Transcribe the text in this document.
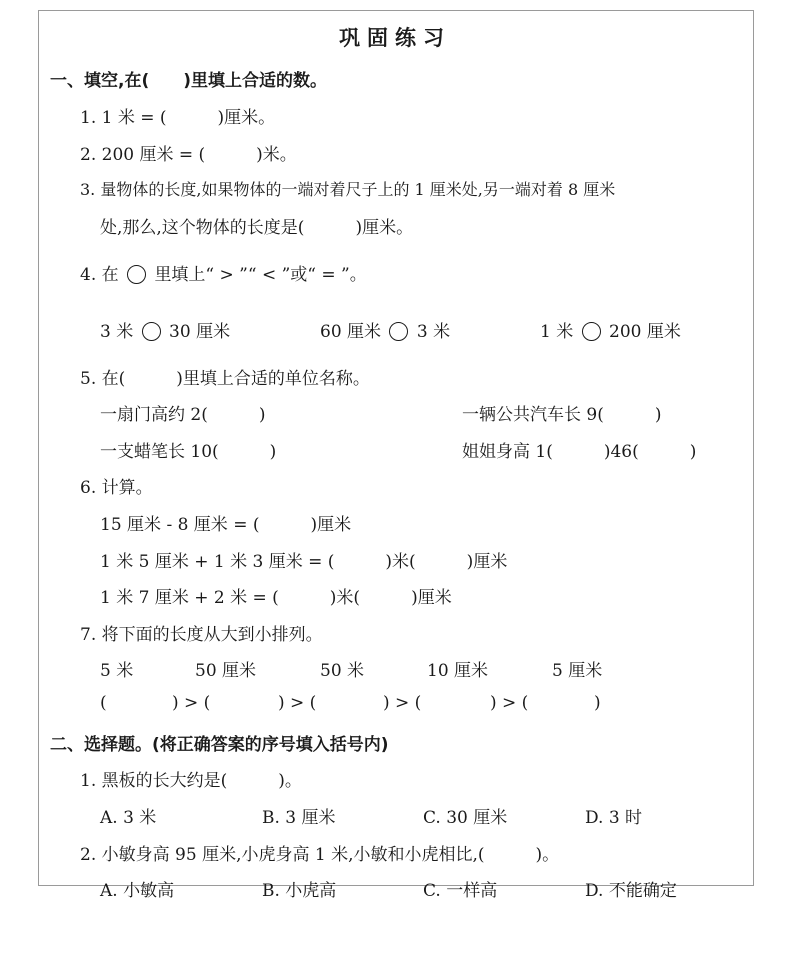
巩固练习
一、填空,在(　　)里填上合适的数。
1. 1 米 = (　　　)厘米。
2. 200 厘米 = (　　　)米。
3. 量物体的长度,如果物体的一端对着尺子上的 1 厘米处,另一端对着 8 厘米
处,那么,这个物体的长度是(　　　)厘米。
4. 在 里填上“ > ”“ < ”或“ = ”。
3 米 30 厘米	60 厘米 3 米	1 米 200 厘米
5. 在(　　　)里填上合适的单位名称。
一扇门高约 2(　　　)	一辆公共汽车长 9(　　　)
一支蜡笔长 10(　　　)	姐姐身高 1(　　　)46(　　　)
6. 计算。
15 厘米 - 8 厘米 = (　　　)厘米
1 米 5 厘米 + 1 米 3 厘米 = (　　　)米(　　　)厘米
1 米 7 厘米 + 2 米 = (　　　)米(　　　)厘米
7. 将下面的长度从大到小排列。
5 米	50 厘米	50 米	10 厘米	5 厘米
(	) > (	) > (	) > (	) > (	)
二、选择题。(将正确答案的序号填入括号内)
1. 黑板的长大约是(　　　)。
A. 3 米	B. 3 厘米	C. 30 厘米	D. 3 时
2. 小敏身高 95 厘米,小虎身高 1 米,小敏和小虎相比,(　　　)。
A. 小敏高	B. 小虎高	C. 一样高	D. 不能确定
